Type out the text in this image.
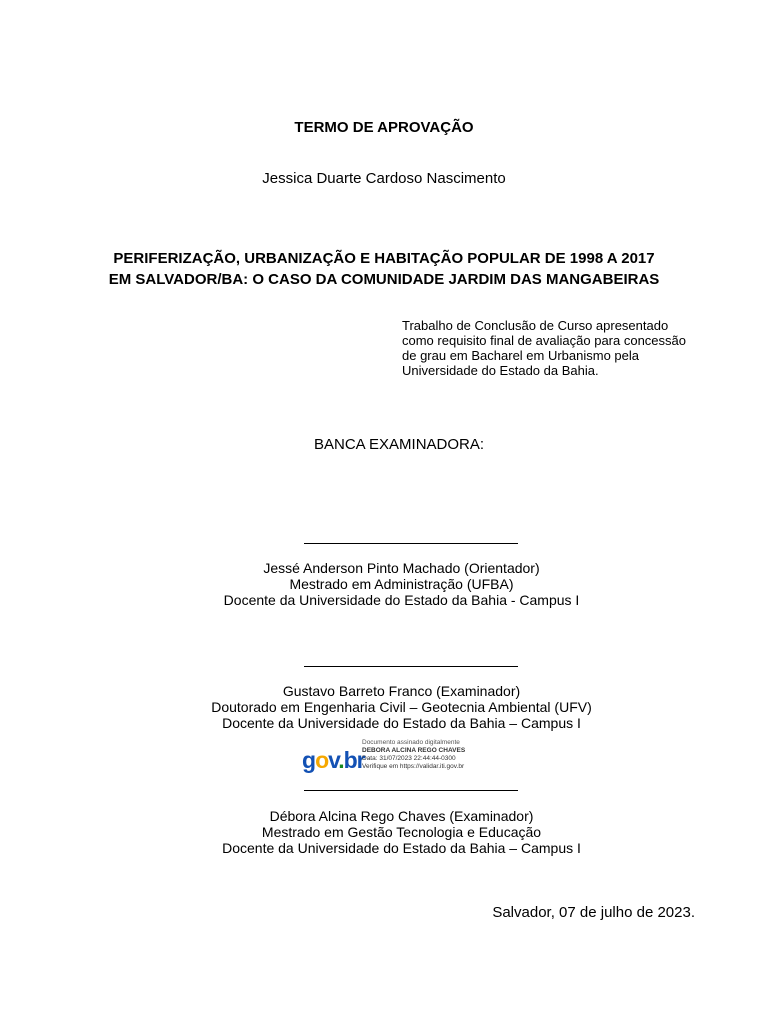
TERMO DE APROVAÇÃO
Jessica Duarte Cardoso Nascimento
PERIFERIZAÇÃO, URBANIZAÇÃO E HABITAÇÃO POPULAR DE 1998 A 2017
EM SALVADOR/BA: O CASO DA COMUNIDADE JARDIM DAS MANGABEIRAS
Trabalho de Conclusão de Curso apresentado
como requisito final de avaliação para concessão
de grau em Bacharel em Urbanismo pela
Universidade do Estado da Bahia.
BANCA EXAMINADORA:
Jessé Anderson Pinto Machado (Orientador)
Mestrado em Administração (UFBA)
Docente da Universidade do Estado da Bahia - Campus I
Gustavo Barreto Franco (Examinador)
Doutorado em Engenharia Civil – Geotecnia Ambiental (UFV)
Docente da Universidade do Estado da Bahia – Campus I
gov.br
Documento assinado digitalmente
DEBORA ALCINA REGO CHAVES
Data: 31/07/2023 22:44:44-0300
Verifique em https://validar.iti.gov.br
Débora Alcina Rego Chaves (Examinador)
Mestrado em Gestão Tecnologia e Educação
Docente da Universidade do Estado da Bahia – Campus I
Salvador, 07 de julho de 2023.
